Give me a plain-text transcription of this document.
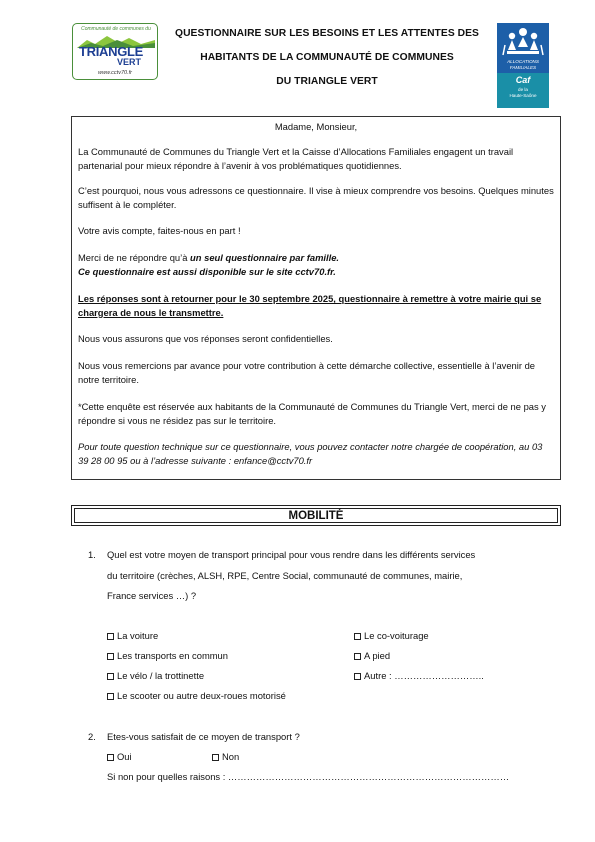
Communauté de communes du
TRIANGLE
VERT
www.cctv70.fr
QUESTIONNAIRE SUR LES BESOINS ET LES ATTENTES DES
HABITANTS DE LA COMMUNAUTÉ DE COMMUNES
DU TRIANGLE VERT
ALLOCATIONS
FAMILIALES
Caf
de la
Haute-Saône

Madame, Monsieur,

La Communauté de Communes du Triangle Vert et la Caisse d’Allocations Familiales engagent un travail partenarial pour mieux répondre à l’avenir à vos problématiques quotidiennes.

C’est pourquoi, nous vous adressons ce questionnaire. Il vise à mieux comprendre vos besoins. Quelques minutes suffisent à le compléter.

Votre avis compte, faites-nous en part !

Merci de ne répondre qu’à un seul questionnaire par famille.
Ce questionnaire est aussi disponible sur le site cctv70.fr.

Les réponses sont à retourner pour le 30 septembre 2025, questionnaire à remettre à votre mairie qui se chargera de nous le transmettre.

Nous vous assurons que vos réponses seront confidentielles.

Nous vous remercions par avance pour votre contribution à cette démarche collective, essentielle à l’avenir de notre territoire.

*Cette enquête est réservée aux habitants de la Communauté de Communes du Triangle Vert, merci de ne pas y répondre si vous ne résidez pas sur le territoire.

Pour toute question technique sur ce questionnaire, vous pouvez contacter notre chargée de coopération, au 03 39 28 00 95 ou à l’adresse suivante : enfance@cctv70.fr

MOBILITÉ
1. Quel est votre moyen de transport principal pour vous rendre dans les différents services
du territoire (crèches, ALSH, RPE, Centre Social, communauté de communes, mairie,
France services …) ?
La voiture	Le co-voiturage
Les transports en commun	A pied
Le vélo / la trottinette	Autre : ………………………..
Le scooter ou autre deux-roues motorisé
2. Etes-vous satisfait de ce moyen de transport ?
Oui	Non
Si non pour quelles raisons : ………………………………………………………………………………
